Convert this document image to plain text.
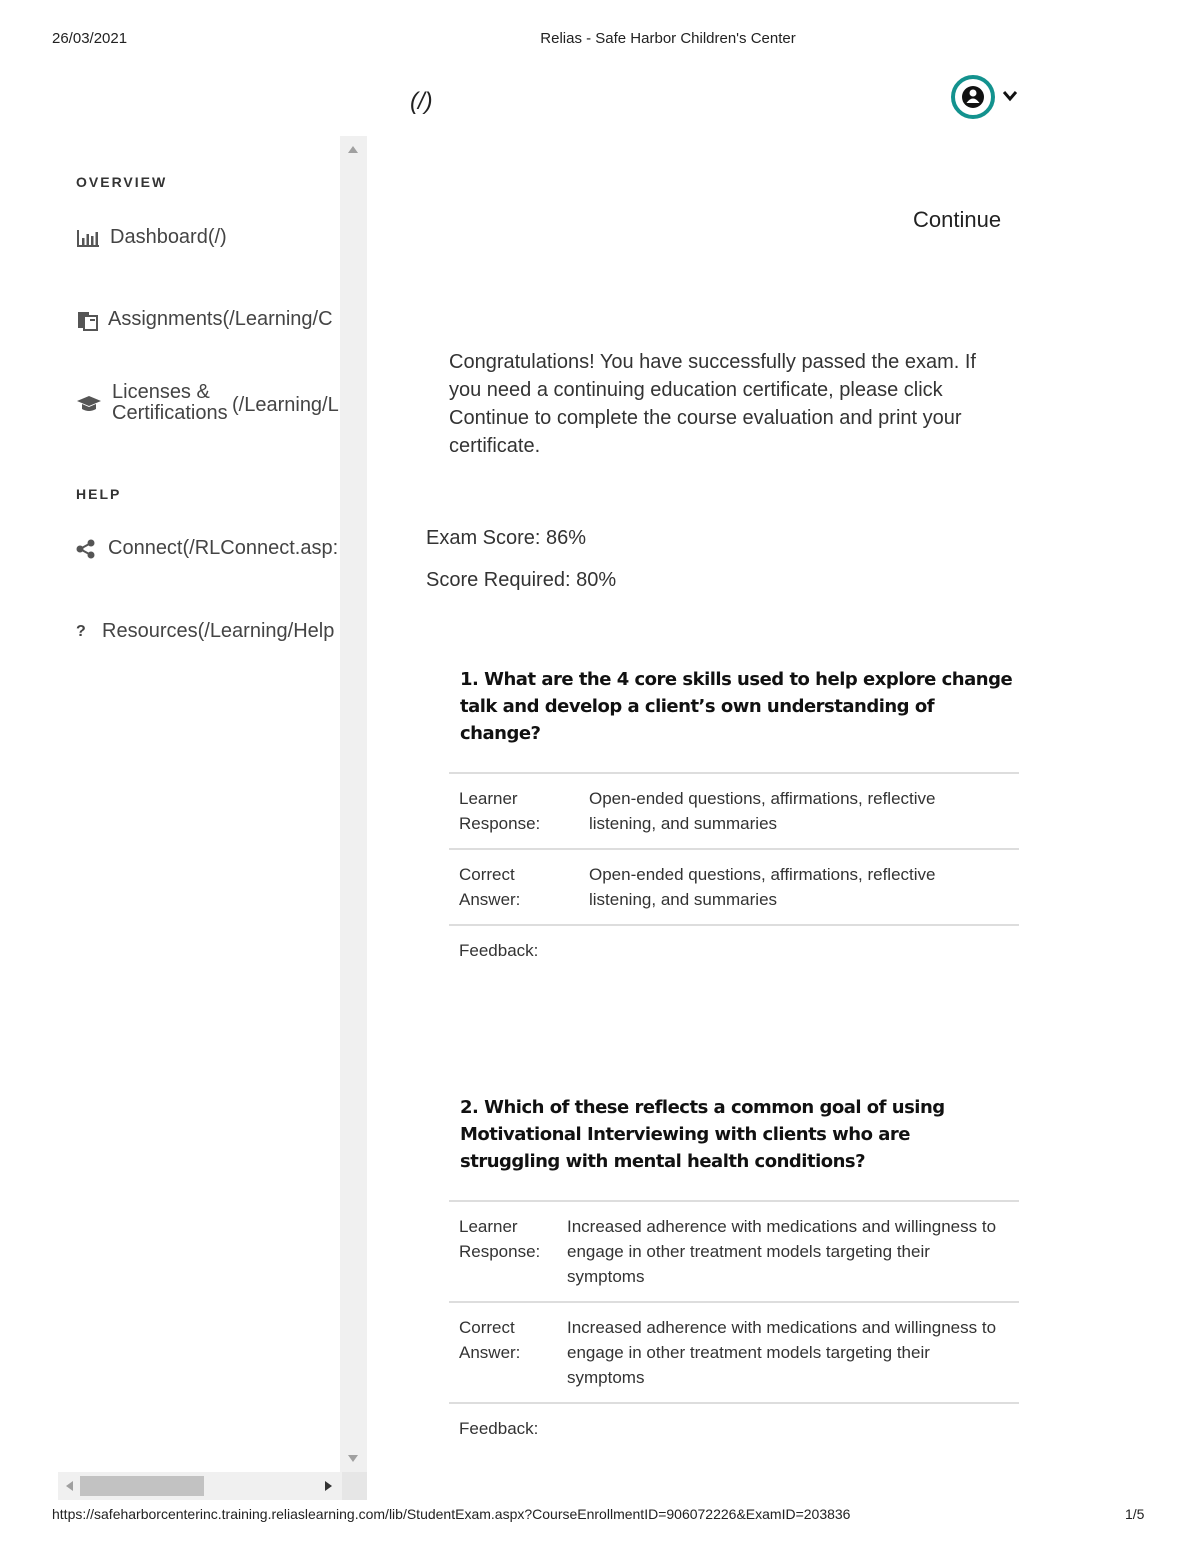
26/03/2021	Relias - Safe Harbor Children's Center
(/)
OVERVIEW
Dashboard(/)
Assignments(/Learning/C
Licenses &
Certifications (/Learning/L
HELP
Connect(/RLConnect.asp:
? Resources(/Learning/Help
Continue
Congratulations! You have successfully passed the exam. If you need a continuing education certificate, please click Continue to complete the course evaluation and print your certificate.
Exam Score: 86%
Score Required: 80%
1. What are the 4 core skills used to help explore change talk and develop a client’s own understanding of change?
Learner Response:	Open-ended questions, affirmations, reflective listening, and summaries
Correct Answer:	Open-ended questions, affirmations, reflective listening, and summaries
Feedback:	
2. Which of these reflects a common goal of using Motivational Interviewing with clients who are struggling with mental health conditions?
Learner Response:	Increased adherence with medications and willingness to engage in other treatment models targeting their symptoms
Correct Answer:	Increased adherence with medications and willingness to engage in other treatment models targeting their symptoms
Feedback:	
https://safeharborcenterinc.training.reliaslearning.com/lib/StudentExam.aspx?CourseEnrollmentID=906072226&ExamID=203836	1/5
